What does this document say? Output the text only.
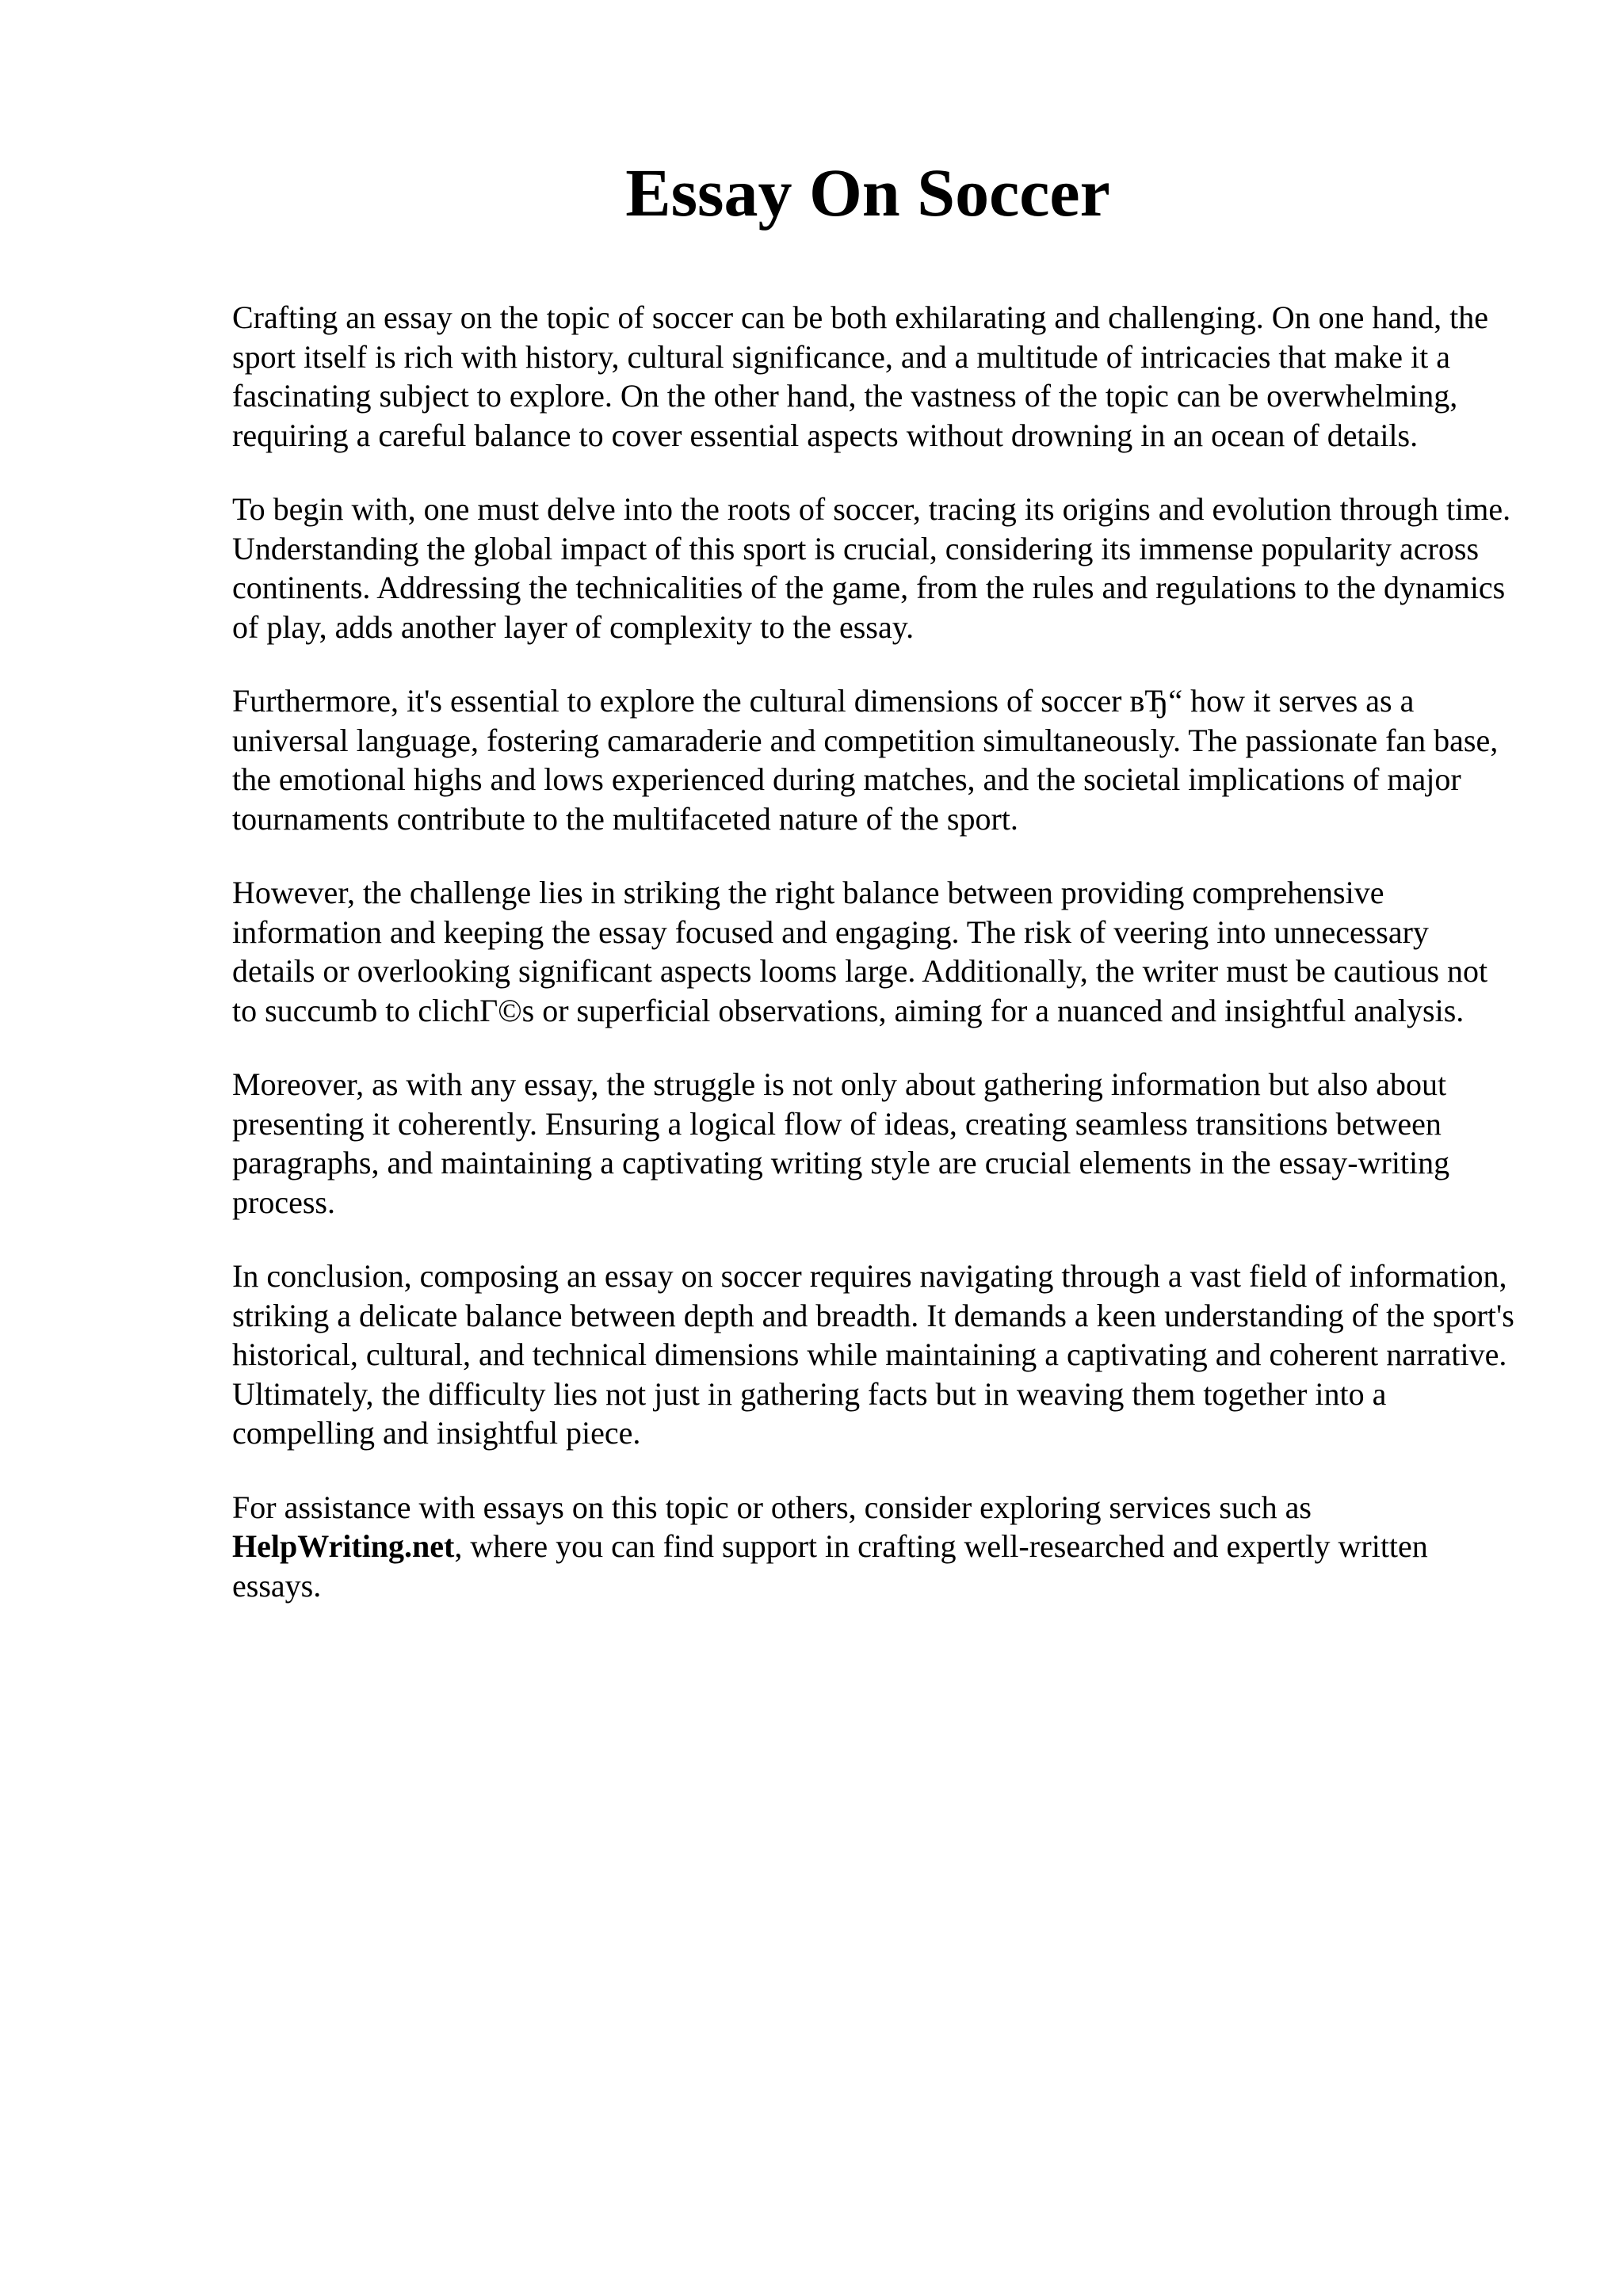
Essay On Soccer

Crafting an essay on the topic of soccer can be both exhilarating and challenging. On one hand, the sport itself is rich with history, cultural significance, and a multitude of intricacies that make it a fascinating subject to explore. On the other hand, the vastness of the topic can be overwhelming, requiring a careful balance to cover essential aspects without drowning in an ocean of details.

To begin with, one must delve into the roots of soccer, tracing its origins and evolution through time. Understanding the global impact of this sport is crucial, considering its immense popularity across continents. Addressing the technicalities of the game, from the rules and regulations to the dynamics of play, adds another layer of complexity to the essay.

Furthermore, it's essential to explore the cultural dimensions of soccer вЂ“ how it serves as a universal language, fostering camaraderie and competition simultaneously. The passionate fan base, the emotional highs and lows experienced during matches, and the societal implications of major tournaments contribute to the multifaceted nature of the sport.

However, the challenge lies in striking the right balance between providing comprehensive information and keeping the essay focused and engaging. The risk of veering into unnecessary details or overlooking significant aspects looms large. Additionally, the writer must be cautious not to succumb to clichГ©s or superficial observations, aiming for a nuanced and insightful analysis.

Moreover, as with any essay, the struggle is not only about gathering information but also about presenting it coherently. Ensuring a logical flow of ideas, creating seamless transitions between paragraphs, and maintaining a captivating writing style are crucial elements in the essay-writing process.

In conclusion, composing an essay on soccer requires navigating through a vast field of information, striking a delicate balance between depth and breadth. It demands a keen understanding of the sport's historical, cultural, and technical dimensions while maintaining a captivating and coherent narrative. Ultimately, the difficulty lies not just in gathering facts but in weaving them together into a compelling and insightful piece.

For assistance with essays on this topic or others, consider exploring services such as HelpWriting.net, where you can find support in crafting well-researched and expertly written essays.
